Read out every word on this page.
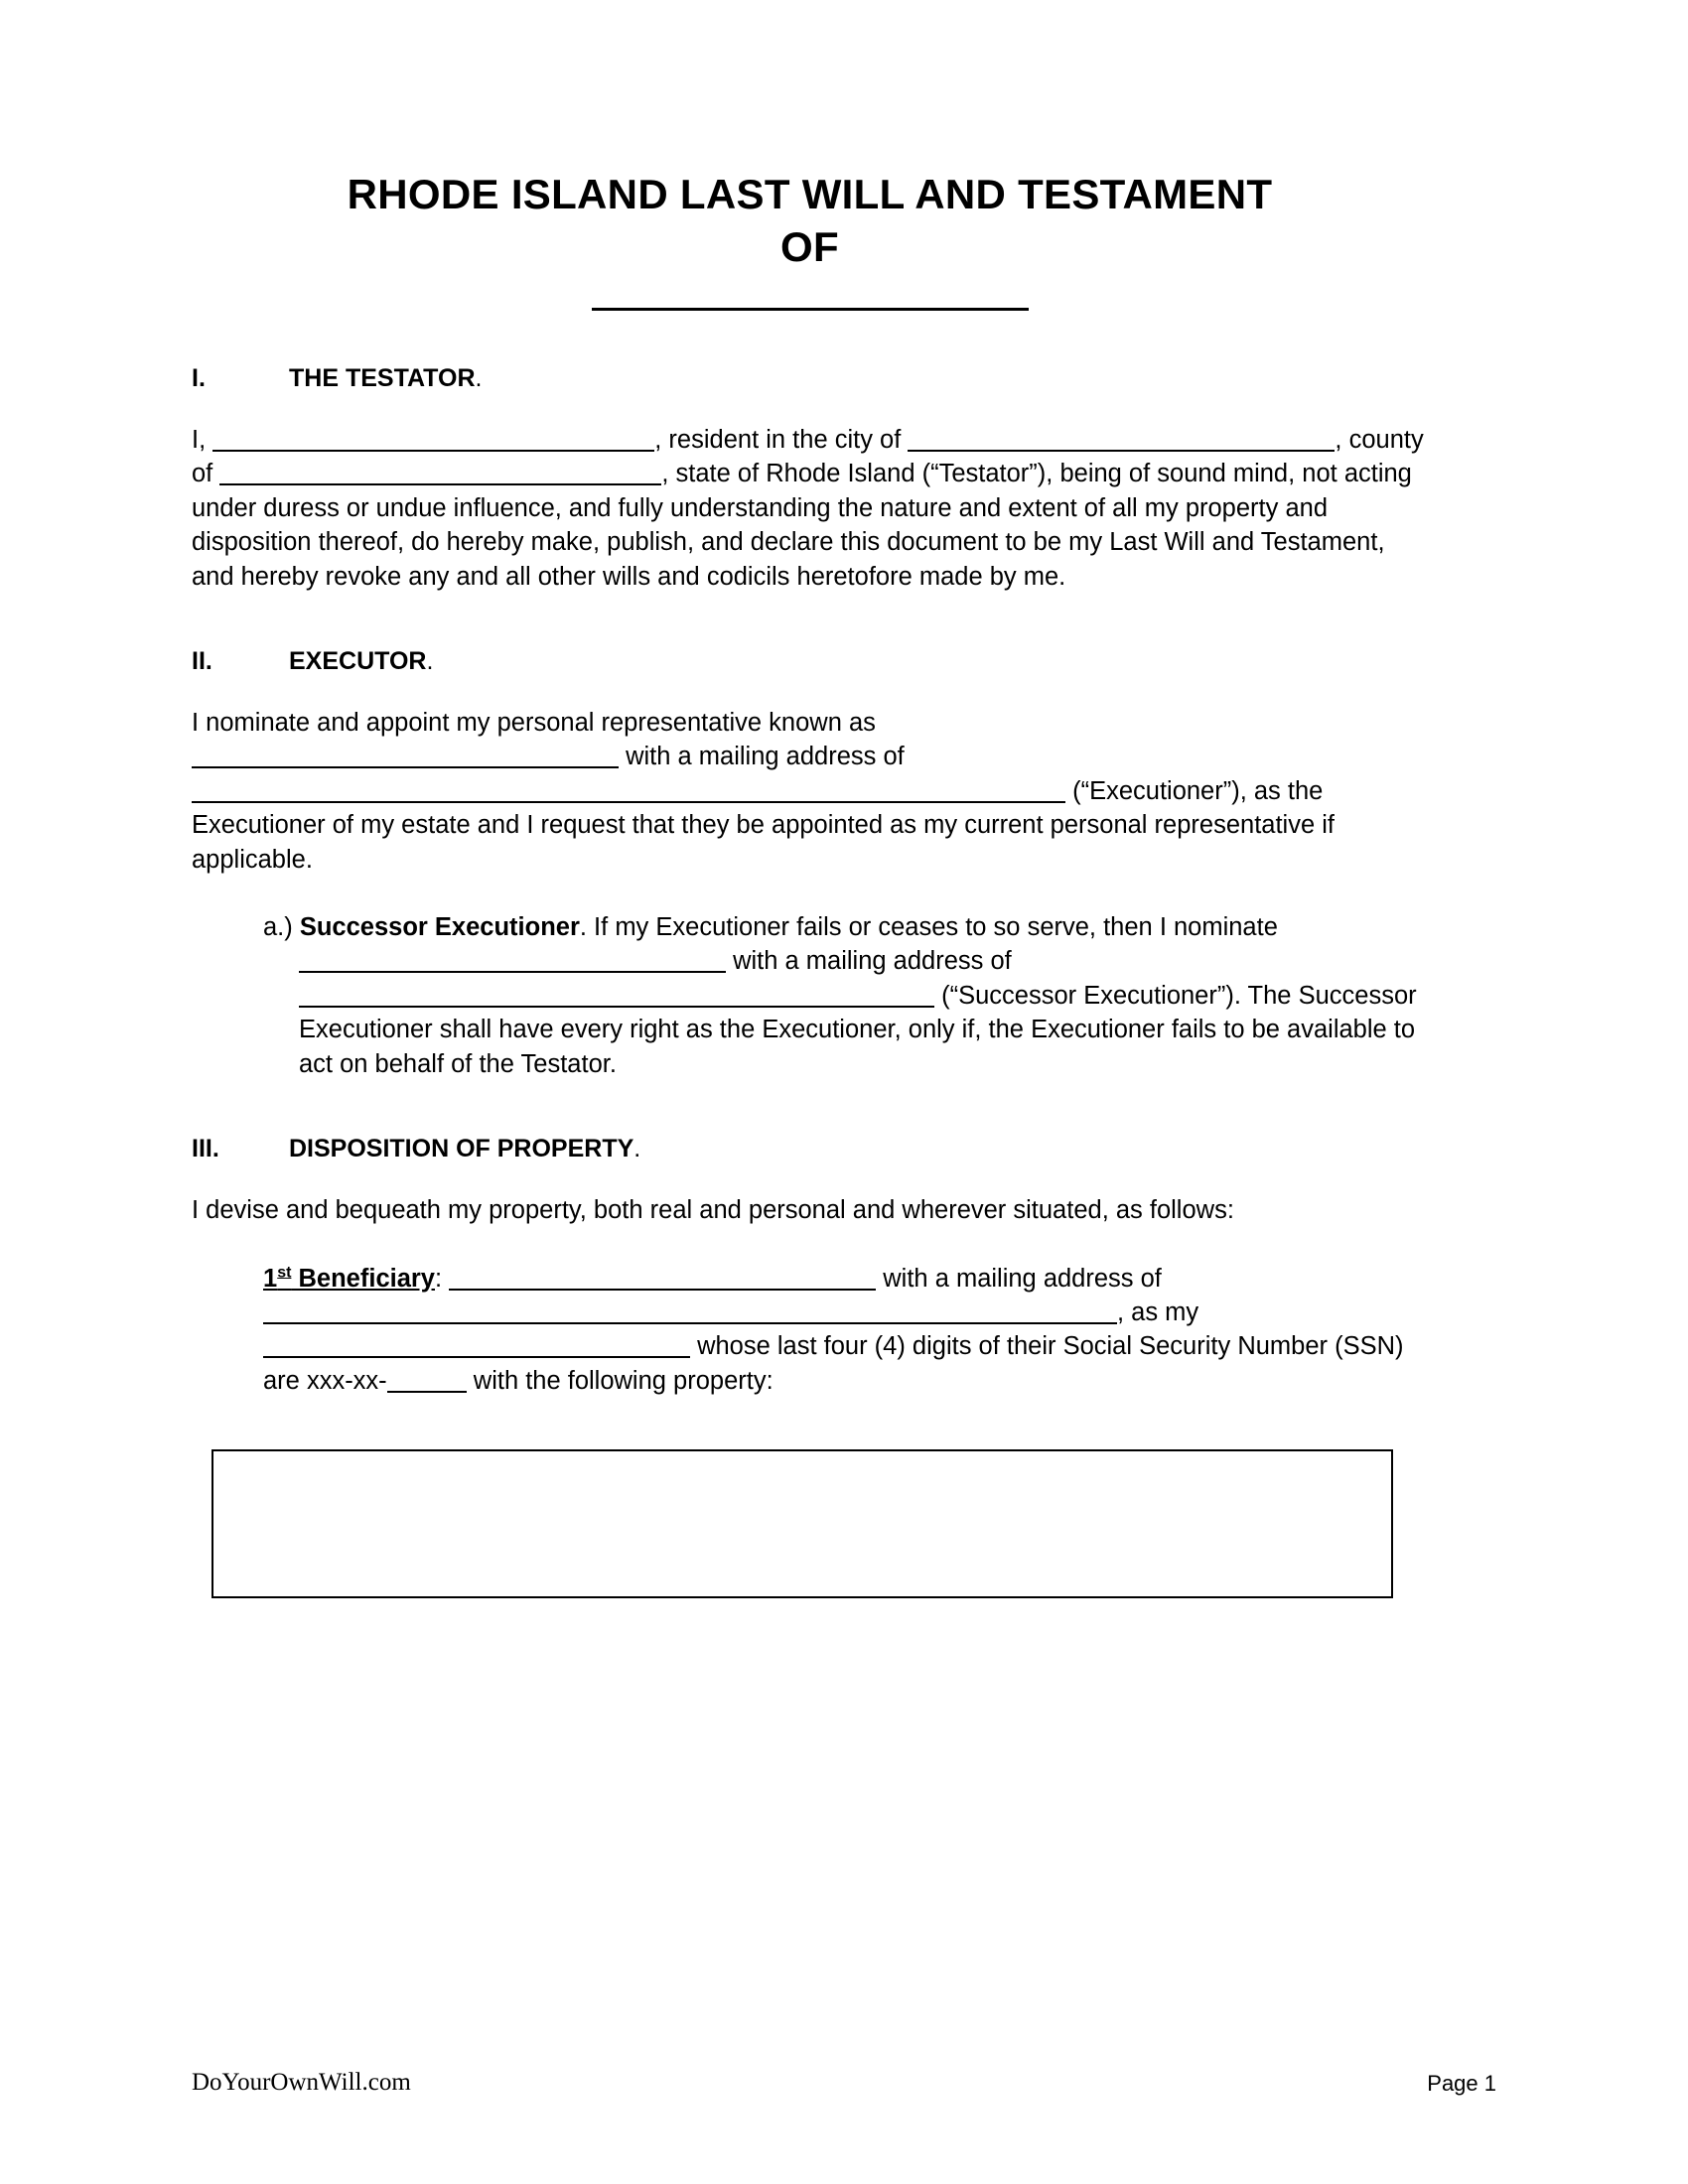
RHODE ISLAND LAST WILL AND TESTAMENT
OF
I.	THE TESTATOR.

I,	, resident in the city of	, county of	, state of Rhode Island (“Testator”), being of sound mind, not acting under duress or undue influence, and fully understanding the nature and extent of all my property and disposition thereof, do hereby make, publish, and declare this document to be my Last Will and Testament, and hereby revoke any and all other wills and codicils heretofore made by me.

II.	EXECUTOR.

I nominate and appoint my personal representative known as
with a mailing address of
(“Executioner”), as the Executioner of my estate and I request that they be appointed as my current personal representative if applicable.

a.) Successor Executioner. If my Executioner fails or ceases to so serve, then I nominate  with a mailing address of
(“Successor Executioner”). The Successor Executioner shall have every right as the Executioner, only if, the Executioner fails to be available to act on behalf of the Testator.
III.	DISPOSITION OF PROPERTY.

I devise and bequeath my property, both real and personal and wherever situated, as follows:

1st Beneficiary:	with a mailing address of
, as my
whose last four (4) digits of their Social Security Number (SSN) are xxx-xx-	with the following property:
DoYourOwnWill.com	Page 1
